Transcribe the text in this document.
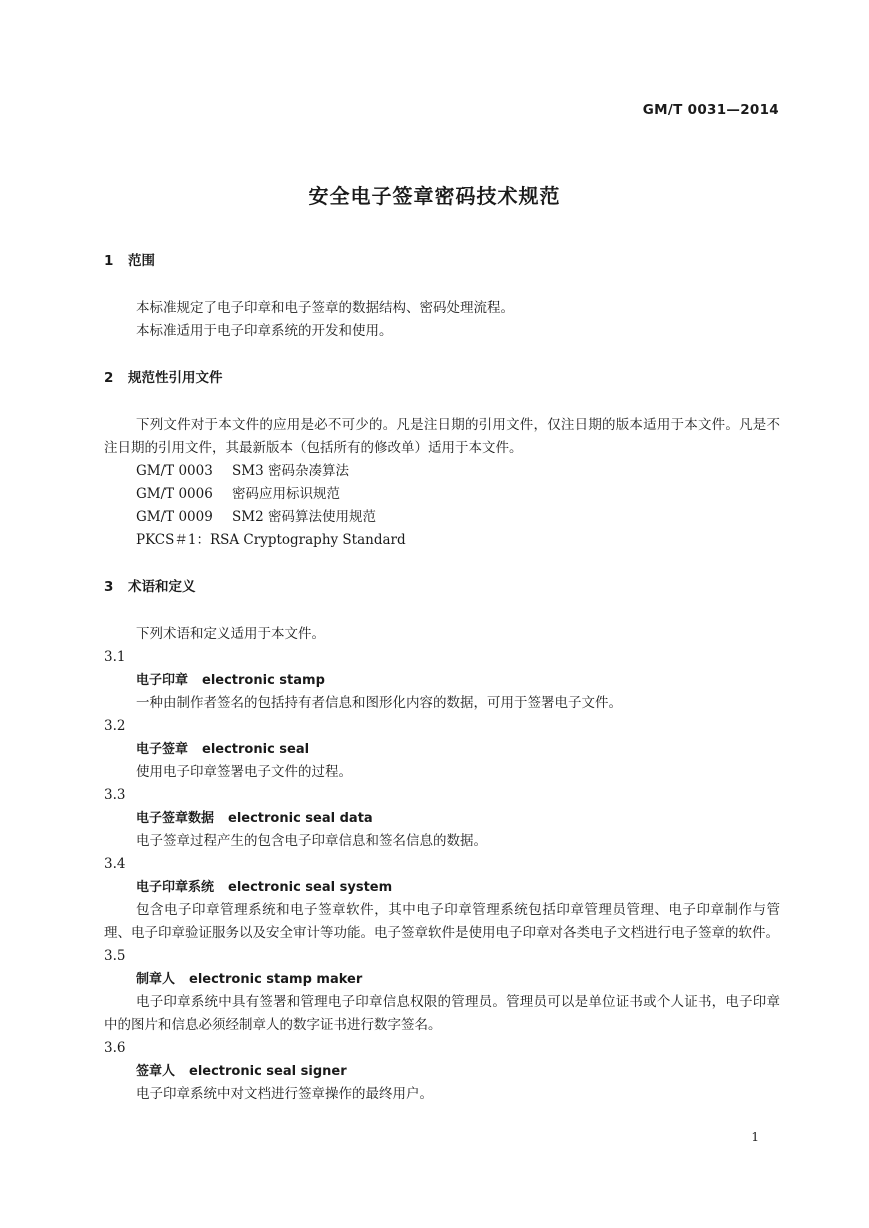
GM/T 0031—2014
安全电子签章密码技术规范
1 范围
本标准规定了电子印章和电子签章的数据结构、密码处理流程。
本标准适用于电子印章系统的开发和使用。
2 规范性引用文件
下列文件对于本文件的应用是必不可少的。凡是注日期的引用文件，仅注日期的版本适用于本文件。凡是不注日期的引用文件，其最新版本（包括所有的修改单）适用于本文件。
GM/T 0003 SM3 密码杂凑算法
GM/T 0006 密码应用标识规范
GM/T 0009 SM2 密码算法使用规范
PKCS＃1：RSA Cryptography Standard
3 术语和定义
下列术语和定义适用于本文件。
3.1
电子印章 electronic stamp
一种由制作者签名的包括持有者信息和图形化内容的数据，可用于签署电子文件。
3.2
电子签章 electronic seal
使用电子印章签署电子文件的过程。
3.3
电子签章数据 electronic seal data
电子签章过程产生的包含电子印章信息和签名信息的数据。
3.4
电子印章系统 electronic seal system
包含电子印章管理系统和电子签章软件，其中电子印章管理系统包括印章管理员管理、电子印章制作与管理、电子印章验证服务以及安全审计等功能。电子签章软件是使用电子印章对各类电子文档进行电子签章的软件。
3.5
制章人 electronic stamp maker
电子印章系统中具有签署和管理电子印章信息权限的管理员。管理员可以是单位证书或个人证书，电子印章中的图片和信息必须经制章人的数字证书进行数字签名。
3.6
签章人 electronic seal signer
电子印章系统中对文档进行签章操作的最终用户。
1
